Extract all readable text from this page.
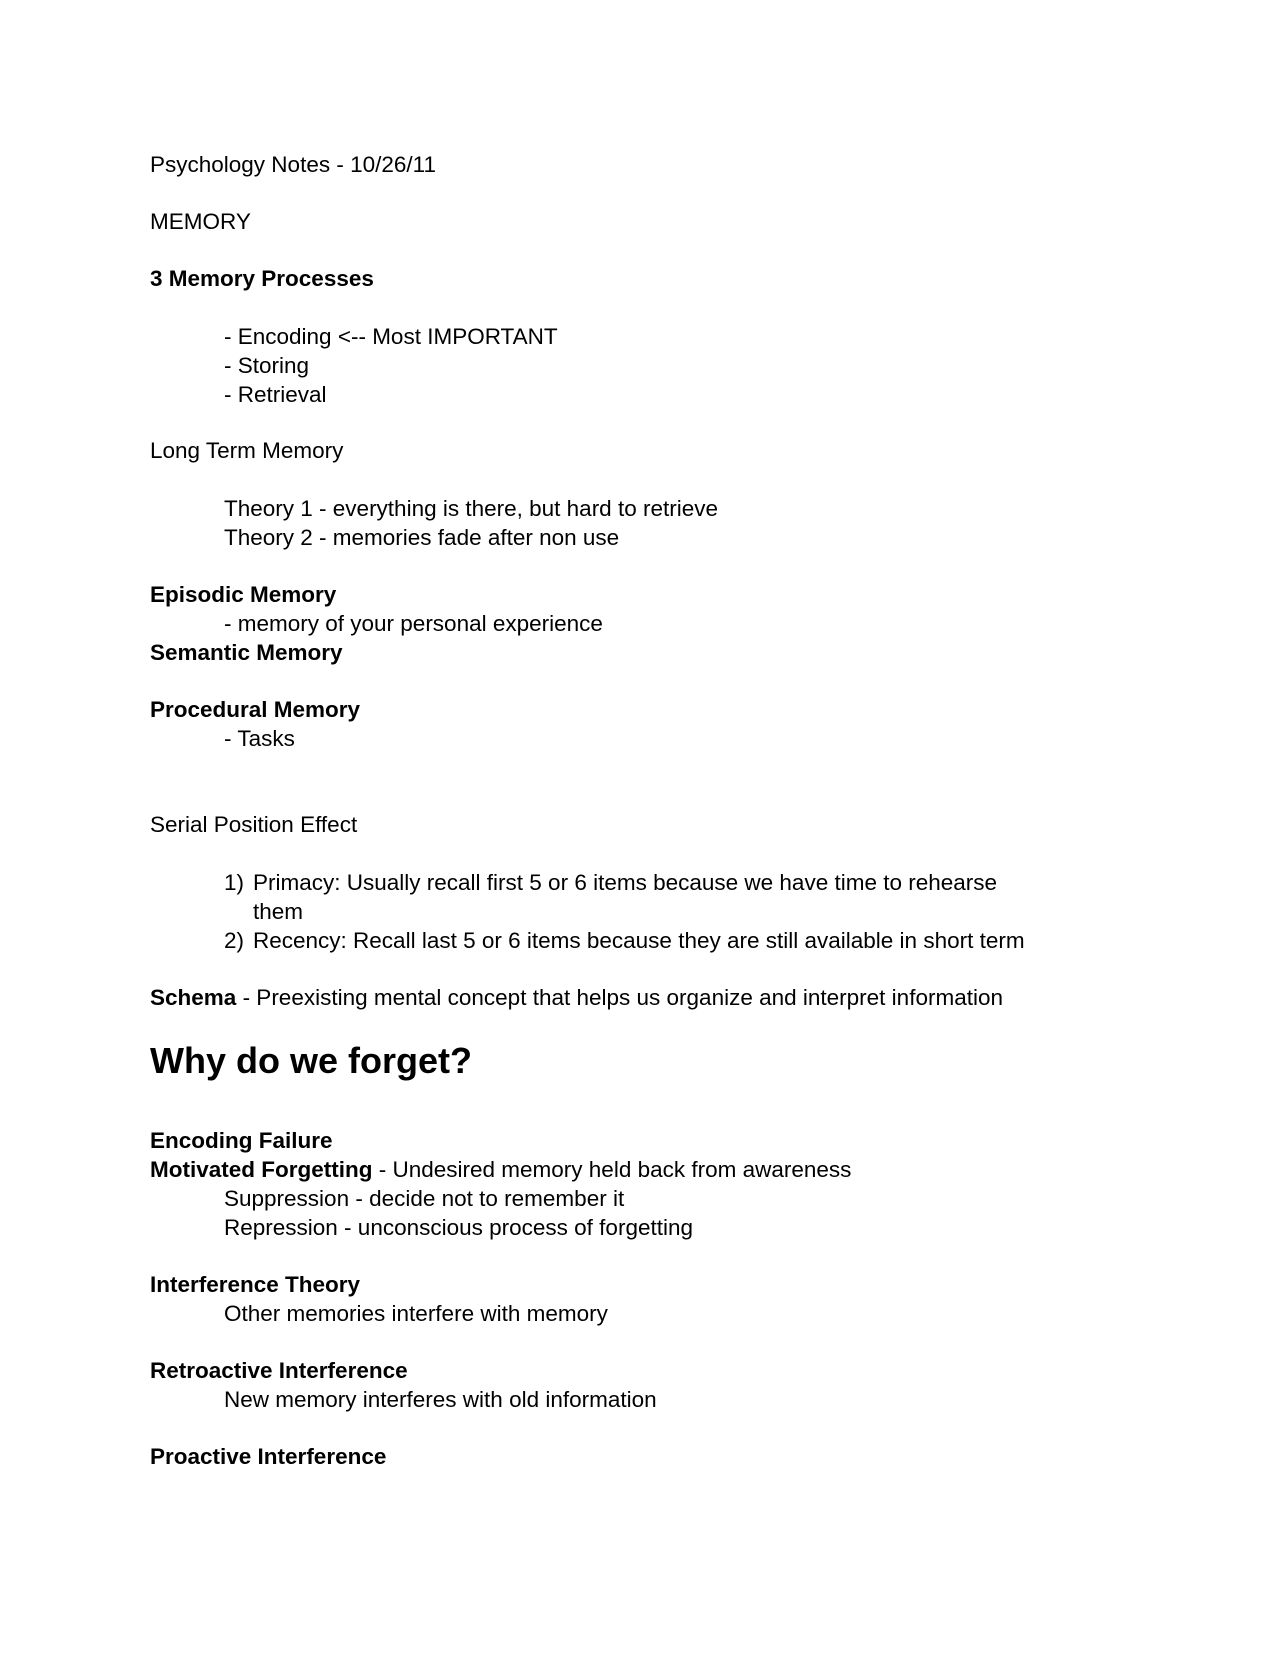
Psychology Notes - 10/26/11
MEMORY
3 Memory Processes
- Encoding <-- Most IMPORTANT
- Storing
- Retrieval
Long Term Memory
Theory 1 - everything is there, but hard to retrieve
Theory 2 - memories fade after non use
Episodic Memory
- memory of your personal experience
Semantic Memory
Procedural Memory
- Tasks
Serial Position Effect
1) Primacy: Usually recall first 5 or 6 items because we have time to rehearse
them
2) Recency: Recall last 5 or 6 items because they are still available in short term
Schema - Preexisting mental concept that helps us organize and interpret information
Why do we forget?
Encoding Failure
Motivated Forgetting - Undesired memory held back from awareness
Suppression - decide not to remember it
Repression - unconscious process of forgetting
Interference Theory
Other memories interfere with memory
Retroactive Interference
New memory interferes with old information
Proactive Interference
